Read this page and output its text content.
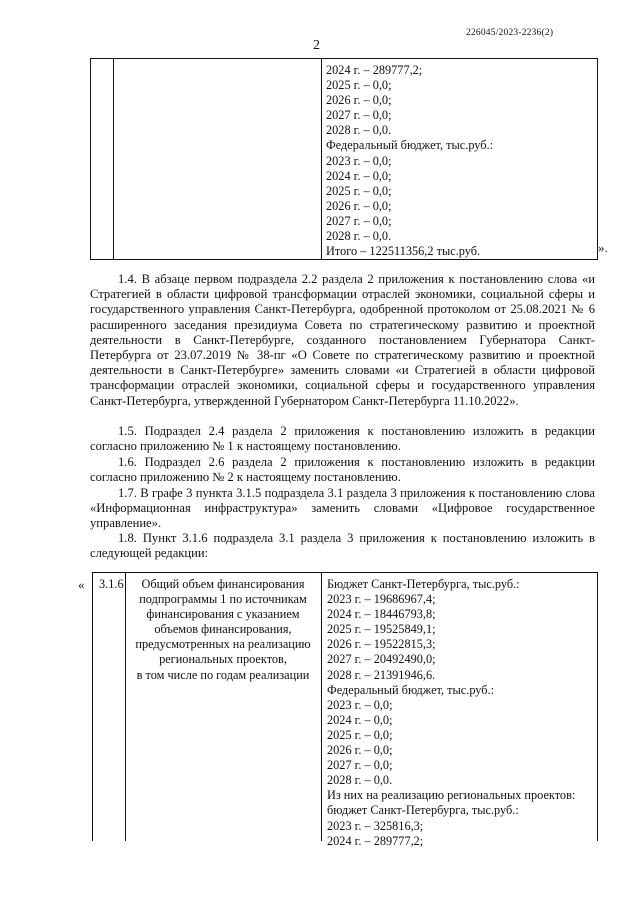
226045/2023-2236(2)
2
2024 г. – 289777,2;
2025 г. – 0,0;
2026 г. – 0,0;
2027 г. – 0,0;
2028 г. – 0,0.
Федеральный бюджет, тыс.руб.:
2023 г. – 0,0;
2024 г. – 0,0;
2025 г. – 0,0;
2026 г. – 0,0;
2027 г. – 0,0;
2028 г. – 0,0.
Итого – 122511356,2 тыс.руб.	».
1.4. В абзаце первом подраздела 2.2 раздела 2 приложения к постановлению слова «и Стратегией в области цифровой трансформации отраслей экономики, социальной сферы и государственного управления Санкт-Петербурга, одобренной протоколом от 25.08.2021 № 6 расширенного заседания президиума Совета по стратегическому развитию и проектной деятельности в Санкт-Петербурге, созданного постановлением Губернатора Санкт-Петербурга от 23.07.2019 № 38-пг «О Совете по стратегическому развитию и проектной деятельности в Санкт-Петербурге» заменить словами «и Стратегией в области цифровой трансформации отраслей экономики, социальной сферы и государственного управления Санкт-Петербурга, утвержденной Губернатором Санкт-Петербурга 11.10.2022».
1.5. Подраздел 2.4 раздела 2 приложения к постановлению изложить в редакции согласно приложению № 1 к настоящему постановлению.
1.6. Подраздел 2.6 раздела 2 приложения к постановлению изложить в редакции согласно приложению № 2 к настоящему постановлению.
1.7. В графе 3 пункта 3.1.5 подраздела 3.1 раздела 3 приложения к постановлению слова «Информационная инфраструктура» заменить словами «Цифровое государственное управление».
1.8. Пункт 3.1.6 подраздела 3.1 раздела 3 приложения к постановлению изложить в следующей редакции:
« 3.1.6	Общий объем финансирования
подпрограммы 1 по источникам
финансирования с указанием
объемов финансирования,
предусмотренных на реализацию
региональных проектов,
в том числе по годам реализации
Бюджет Санкт-Петербурга, тыс.руб.:
2023 г. – 19686967,4;
2024 г. – 18446793,8;
2025 г. – 19525849,1;
2026 г. – 19522815,3;
2027 г. – 20492490,0;
2028 г. – 21391946,6.
Федеральный бюджет, тыс.руб.:
2023 г. – 0,0;
2024 г. – 0,0;
2025 г. – 0,0;
2026 г. – 0,0;
2027 г. – 0,0;
2028 г. – 0,0.
Из них на реализацию региональных проектов:
бюджет Санкт-Петербурга, тыс.руб.:
2023 г. – 325816,3;
2024 г. – 289777,2;
